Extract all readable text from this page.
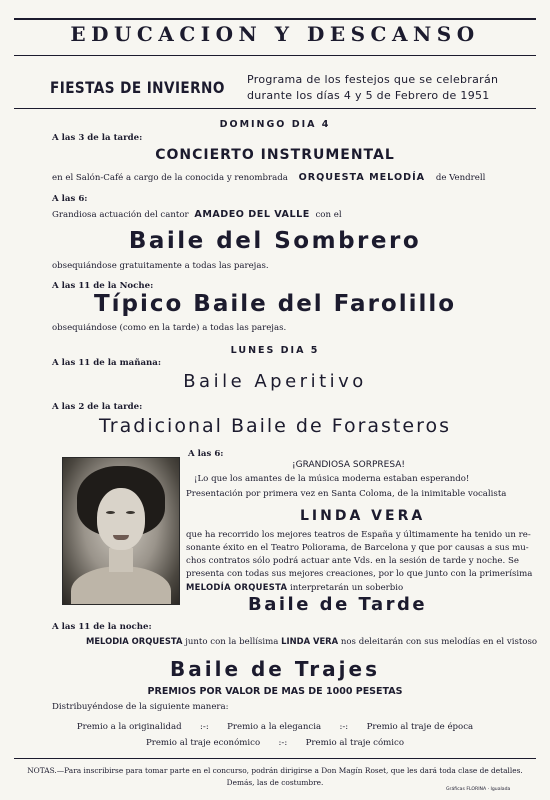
EDUCACION Y DESCANSO
FIESTAS DE INVIERNO Programa de los festejos que se celebrarán
durante los días 4 y 5 de Febrero de 1951
DOMINGO DIA 4
A las 3 de la tarde:
CONCIERTO INSTRUMENTAL
en el Salón-Café a cargo de la conocida y renombrada ORQUESTA MELODÍA de Vendrell
A las 6:
Grandiosa actuación del cantor AMADEO DEL VALLE con el
Baile del Sombrero
obsequiándose gratuitamente a todas las parejas.
A las 11 de la Noche:
Típico Baile del Farolillo
obsequiándose (como en la tarde) a todas las parejas.
LUNES DIA 5
A las 11 de la mañana:
Baile Aperitivo
A las 2 de la tarde:
Tradicional Baile de Forasteros
A las 6:
¡GRANDIOSA SORPRESA!
¡Lo que los amantes de la música moderna estaban esperando!
Presentación por primera vez en Santa Coloma, de la inimitable vocalista
LINDA VERA
que ha recorrido los mejores teatros de España y últimamente ha tenido un re-
sonante éxito en el Teatro Poliorama, de Barcelona y que por causas a sus mu-
chos contratos sólo podrá actuar ante Vds. en la sesión de tarde y noche. Se
presenta con todas sus mejores creaciones, por lo que junto con la primerísima
MELODÍA ORQUESTA interpretarán un soberbio
Baile de Tarde
A las 11 de la noche:
MELODIA ORQUESTA junto con la bellísima LINDA VERA nos deleitarán con sus melodías en el vistoso
Baile de Trajes
PREMIOS POR VALOR DE MAS DE 1000 PESETAS
Distribuyéndose de la siguiente manera:
Premio a la originalidad :-: Premio a la elegancia :-: Premio al traje de época
Premio al traje económico :-: Premio al traje cómico
NOTAS.—Para inscribirse para tomar parte en el concurso, podrán dirigirse a Don Magín Roset, que les dará toda clase de detalles.
Demás, las de costumbre.
Gráficas FLORINA · Igualada
